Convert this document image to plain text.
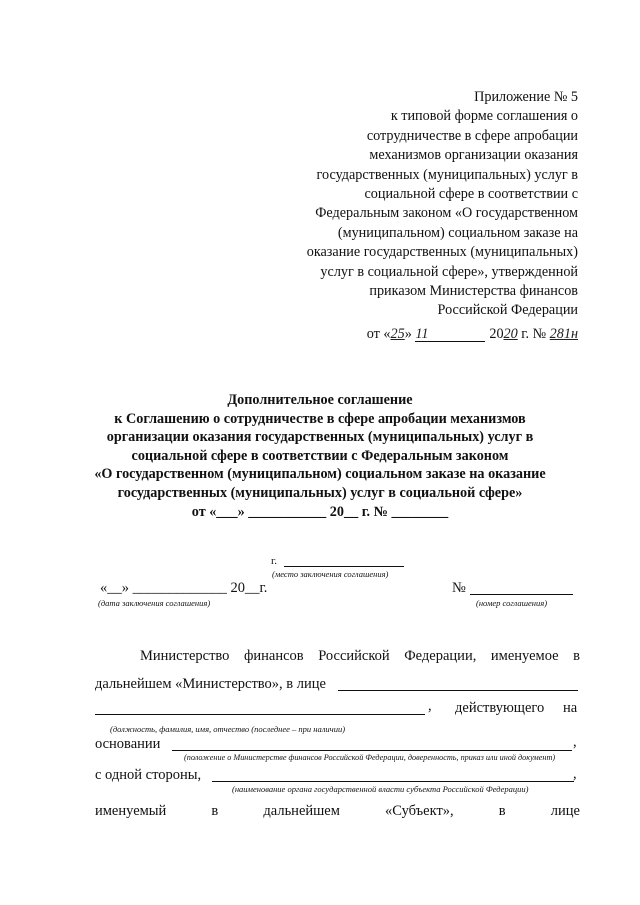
Приложение № 5
к типовой форме соглашения о
сотрудничестве в сфере апробации
механизмов организации оказания
государственных (муниципальных) услуг в
социальной сфере в соответствии с
Федеральным законом «О государственном
(муниципальном) социальном заказе на
оказание государственных (муниципальных)
услуг в социальной сфере», утвержденной
приказом Министерства финансов
Российской Федерации
от «25» 11	2020 г. № 281н
Дополнительное соглашение
к Соглашению о сотрудничестве в сфере апробации механизмов
организации оказания государственных (муниципальных) услуг в
социальной сфере в соответствии с Федеральным законом
«О государственном (муниципальном) социальном заказе на оказание
государственных (муниципальных) услуг в социальной сфере»
от «___» ___________ 20__ г. № ________
г.
(место заключения соглашения)
«__» _____________ 20__г.
(дата заключения соглашения)
№
(номер соглашения)
Министерство финансов Российской Федерации, именуемое в
дальнейшем «Министерство», в лице
, действующего на
(должность, фамилия, имя, отчество (последнее – при наличии)
основании	,
(положение о Министерстве финансов Российской Федерации, доверенность, приказ или иной документ)
с одной стороны,	,
(наименование органа государственной власти субъекта Российской Федерации)
именуемый	в	дальнейшем	«Субъект»,	в	лице
